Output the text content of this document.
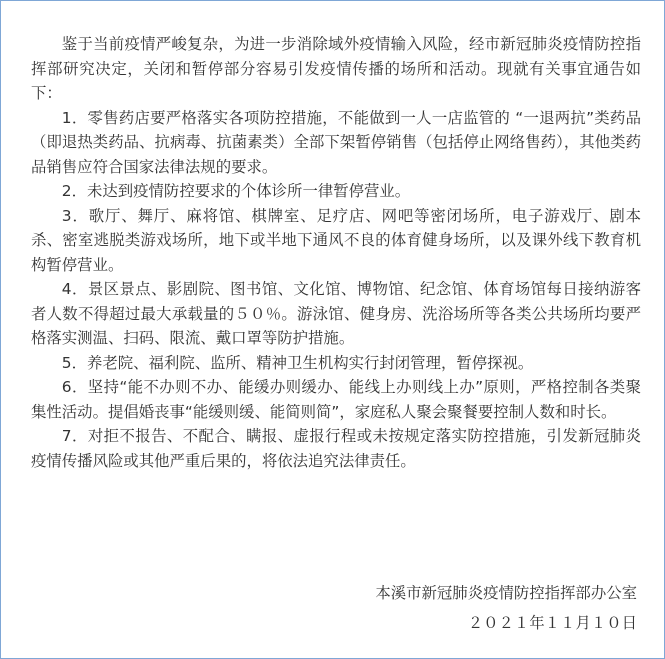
鉴于当前疫情严峻复杂，为进一步消除域外疫情输入风险，经市新冠肺炎疫情防控指挥部研究决定，关闭和暂停部分容易引发疫情传播的场所和活动。现就有关事宜通告如下：

1．零售药店要严格落实各项防控措施，不能做到一人一店监管的 “一退两抗”类药品（即退热类药品、抗病毒、抗菌素类）全部下架暂停销售（包括停止网络售药），其他类药品销售应符合国家法律法规的要求。

2．未达到疫情防控要求的个体诊所一律暂停营业。

3．歌厅、舞厅、麻将馆、棋牌室、足疗店、网吧等密闭场所，电子游戏厅、剧本杀、密室逃脱类游戏场所，地下或半地下通风不良的体育健身场所，以及课外线下教育机构暂停营业。

4．景区景点、影剧院、图书馆、文化馆、博物馆、纪念馆、体育场馆每日接纳游客者人数不得超过最大承载量的５０％。游泳馆、健身房、洗浴场所等各类公共场所均要严格落实测温、扫码、限流、戴口罩等防护措施。

5．养老院、福利院、监所、精神卫生机构实行封闭管理，暂停探视。

6．坚持“能不办则不办、能缓办则缓办、能线上办则线上办”原则，严格控制各类聚集性活动。提倡婚丧事“能缓则缓、能简则简”，家庭私人聚会聚餐要控制人数和时长。

7．对拒不报告、不配合、瞒报、虚报行程或未按规定落实防控措施，引发新冠肺炎疫情传播风险或其他严重后果的，将依法追究法律责任。

本溪市新冠肺炎疫情防控指挥部办公室
２０２１年１１月１０日
